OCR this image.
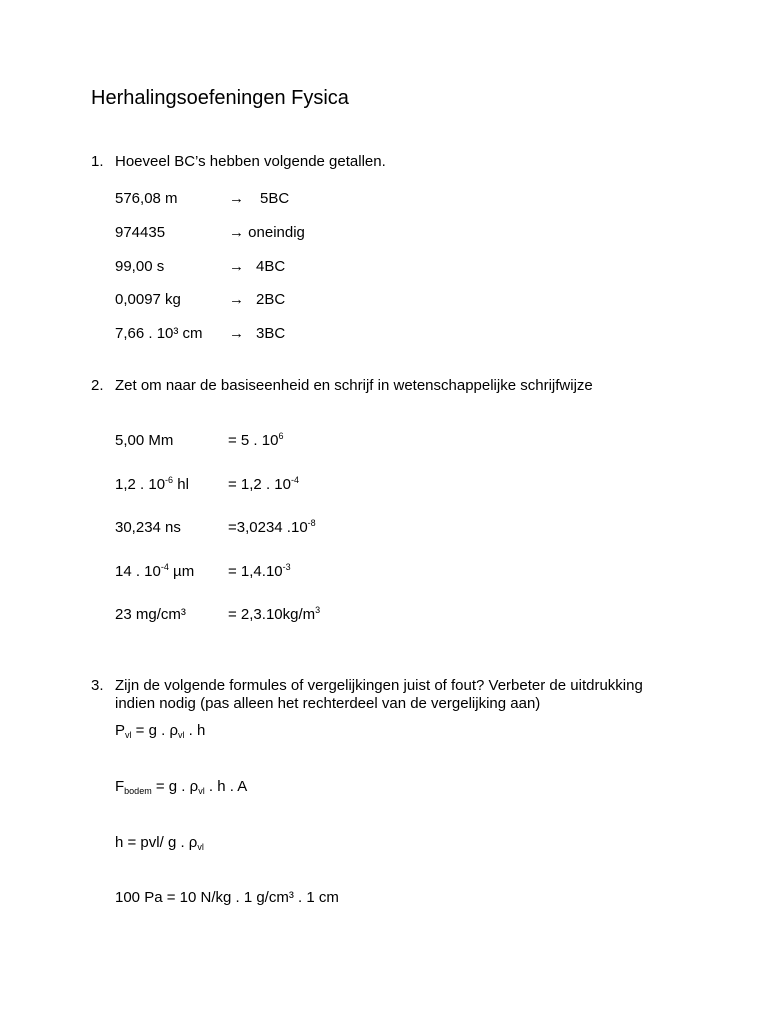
Herhalingsoefeningen Fysica
1. Hoeveel BC’s hebben volgende getallen.
576,08 m	→ 5BC
974435	→ oneindig
99,00 s	→ 4BC
0,0097 kg	→ 2BC
7,66 . 10³ cm → 3BC
2. Zet om naar de basiseenheid en schrijf in wetenschappelijke schrijfwijze
5,00 Mm	= 5 . $10^6$
1,2 . $10^{-6}$ hl	= 1,2 . $10^{-4}$
30,234 ns	=3,0234 $.10^{-8}$
14 . $10^{-4}$ $\mu m = 1,4.10^{-3}$
23 mg/cm³	= $2,3.10kg/m^3$
3. Zijn de volgende formules of vergelijkingen juist of fout? Verbeter de uitdrukking
indien nodig (pas alleen het rechterdeel van de vergelijking aan)
$P_{vl} = g$ . $\rho_{vl}$ . h
$F_{bodem} = g$ . $\rho_{vl}$ . h . A
h = pvl/ g . $\rho_{vl}$
100 Pa = 10 N/kg . 1 g/cm³ . 1 cm
